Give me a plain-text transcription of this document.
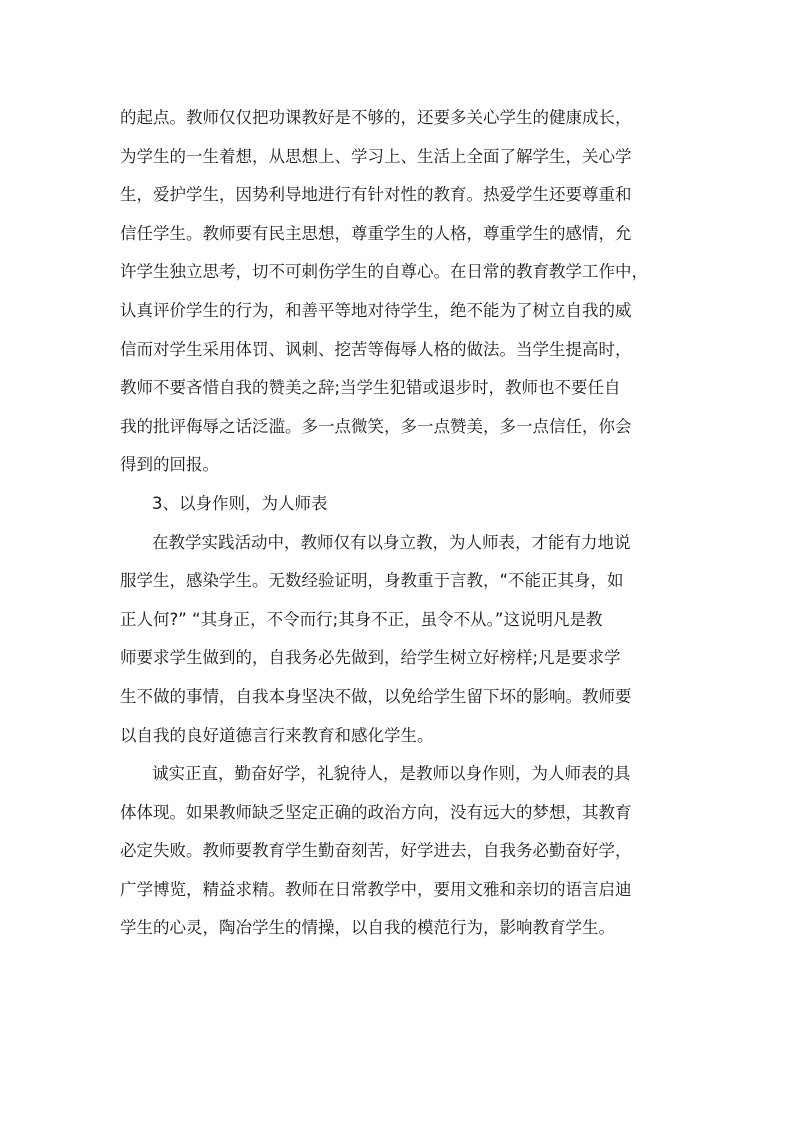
的起点。教师仅仅把功课教好是不够的，还要多关心学生的健康成长，
为学生的一生着想，从思想上、学习上、生活上全面了解学生，关心学
生，爱护学生，因势利导地进行有针对性的教育。热爱学生还要尊重和
信任学生。教师要有民主思想，尊重学生的人格，尊重学生的感情，允
许学生独立思考，切不可刺伤学生的自尊心。在日常的教育教学工作中，
认真评价学生的行为，和善平等地对待学生，绝不能为了树立自我的威
信而对学生采用体罚、讽刺、挖苦等侮辱人格的做法。当学生提高时，
教师不要吝惜自我的赞美之辞;当学生犯错或退步时，教师也不要任自
我的批评侮辱之话泛滥。多一点微笑，多一点赞美，多一点信任，你会
得到的回报。
3、以身作则，为人师表
在教学实践活动中，教师仅有以身立教，为人师表，才能有力地说
服学生，感染学生。无数经验证明，身教重于言教，“不能正其身，如
正人何?” “其身正，不令而行;其身不正，虽令不从。”这说明凡是教
师要求学生做到的，自我务必先做到，给学生树立好榜样;凡是要求学
生不做的事情，自我本身坚决不做，以免给学生留下坏的影响。教师要
以自我的良好道德言行来教育和感化学生。
诚实正直，勤奋好学，礼貌待人，是教师以身作则，为人师表的具
体体现。如果教师缺乏坚定正确的政治方向，没有远大的梦想，其教育
必定失败。教师要教育学生勤奋刻苦，好学进去，自我务必勤奋好学，
广学博览，精益求精。教师在日常教学中，要用文雅和亲切的语言启迪
学生的心灵，陶冶学生的情操，以自我的模范行为，影响教育学生。
